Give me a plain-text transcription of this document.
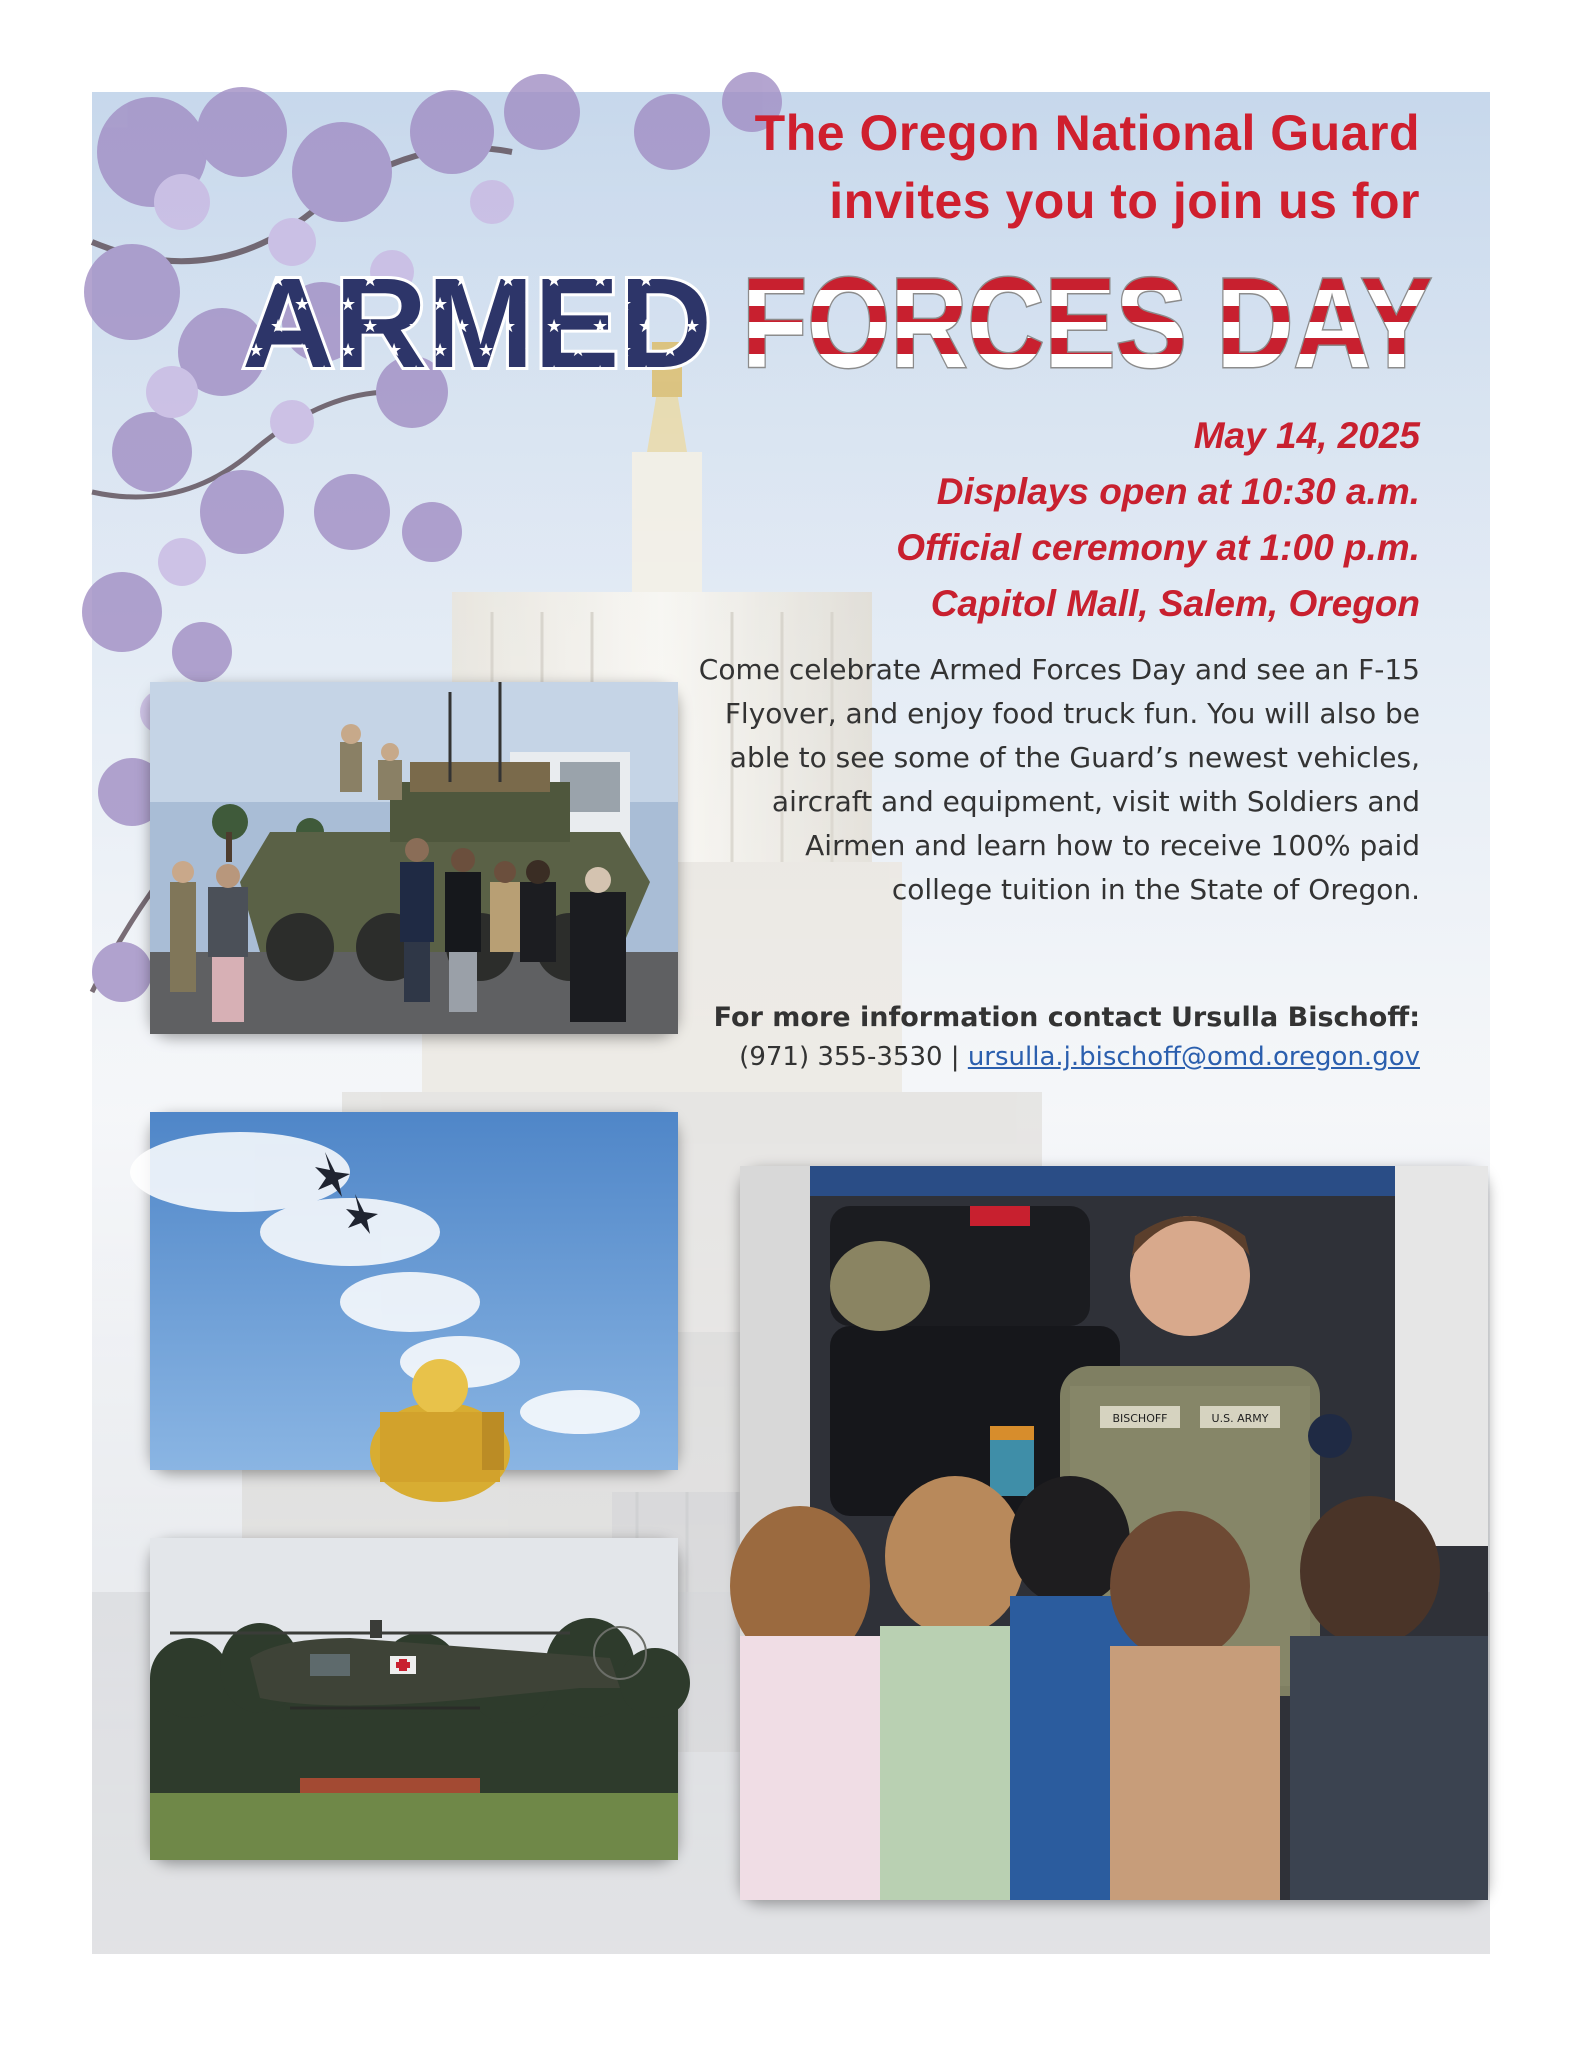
The Oregon National Guard
invites you to join us for
ARMED FORCES DAY
May 14, 2025
Displays open at 10:30 a.m.
Official ceremony at 1:00 p.m.
Capitol Mall, Salem, Oregon
Come celebrate Armed Forces Day and see an F-15
Flyover, and enjoy food truck fun. You will also be
able to see some of the Guard’s newest vehicles,
aircraft and equipment, visit with Soldiers and
Airmen and learn how to receive 100% paid
college tuition in the State of Oregon.
For more information contact Ursulla Bischoff:
(971) 355-3530 | ursulla.j.bischoff@omd.oregon.gov
BISCHOFF	U.S. ARMY
